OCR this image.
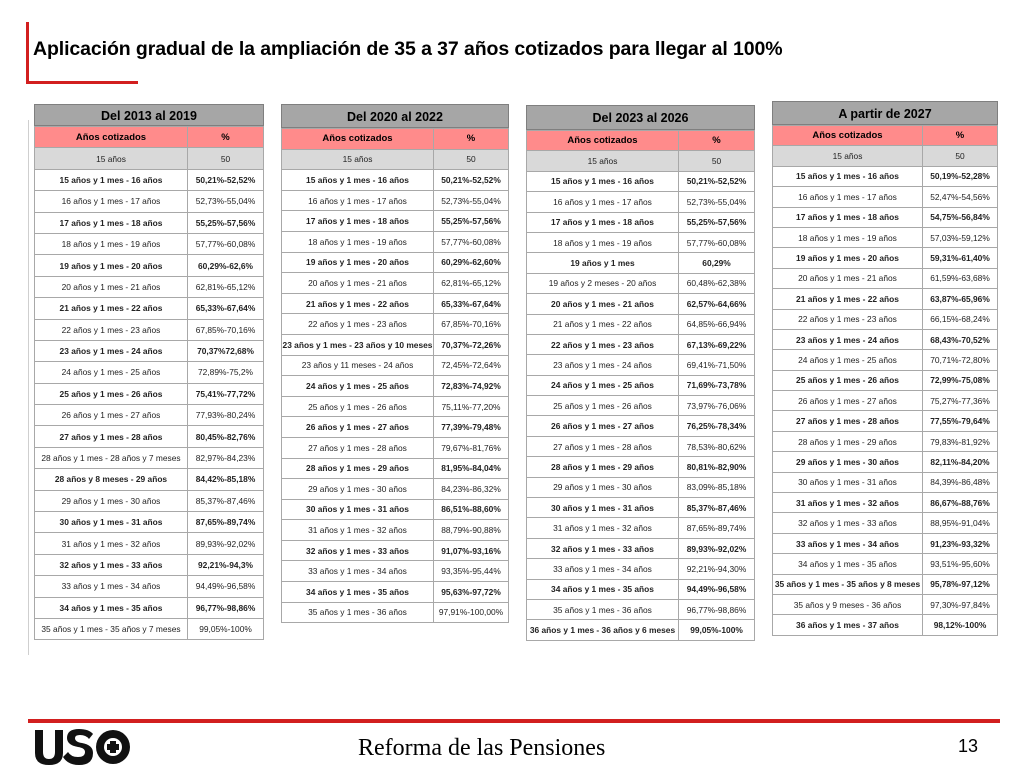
Aplicación gradual de la ampliación de 35 a 37 años cotizados para llegar al 100%
Del 2013 al 2019
Años cotizados	%
15 años	50
15 años y 1 mes - 16 años	50,21%-52,52%
16 años y 1 mes - 17 años	52,73%-55,04%
17 años y 1 mes - 18 años	55,25%-57,56%
18 años y 1 mes - 19 años	57,77%-60,08%
19 años y 1 mes - 20 años	60,29%-62,6%
20 años y 1 mes - 21 años	62,81%-65,12%
21 años y 1 mes - 22 años	65,33%-67,64%
22 años y 1 mes - 23 años	67,85%-70,16%
23 años y 1 mes - 24 años	70,37%72,68%
24 años y 1 mes - 25 años	72,89%-75,2%
25 años y 1 mes - 26 años	75,41%-77,72%
26 años y 1 mes - 27 años	77,93%-80,24%
27 años y 1 mes - 28 años	80,45%-82,76%
28 años y 1 mes - 28 años y 7 meses	82,97%-84,23%
28 años y 8 meses - 29 años	84,42%-85,18%
29 años y 1 mes - 30 años	85,37%-87,46%
30 años y 1 mes - 31 años	87,65%-89,74%
31 años y 1 mes - 32 años	89,93%-92,02%
32 años y 1 mes - 33 años	92,21%-94,3%
33 años y 1 mes - 34 años	94,49%-96,58%
34 años y 1 mes - 35 años	96,77%-98,86%
35 años y 1 mes - 35 años y 7 meses	99,05%-100%
Del 2020 al 2022
Años cotizados	%
15 años	50
15 años y 1 mes - 16 años	50,21%-52,52%
16 años y 1 mes - 17 años	52,73%-55,04%
17 años y 1 mes - 18 años	55,25%-57,56%
18 años y 1 mes - 19 años	57,77%-60,08%
19 años y 1 mes - 20 años	60,29%-62,60%
20 años y 1 mes - 21 años	62,81%-65,12%
21 años y 1 mes - 22 años	65,33%-67,64%
22 años y 1 mes - 23 años	67,85%-70,16%
23 años y 1 mes - 23 años y 10 meses	70,37%-72,26%
23 años y 11 meses - 24 años	72,45%-72,64%
24 años y 1 mes - 25 años	72,83%-74,92%
25 años y 1 mes - 26 años	75,11%-77,20%
26 años y 1 mes - 27 años	77,39%-79,48%
27 años y 1 mes - 28 años	79,67%-81,76%
28 años y 1 mes - 29 años	81,95%-84,04%
29 años y 1 mes - 30 años	84,23%-86,32%
30 años y 1 mes - 31 años	86,51%-88,60%
31 años y 1 mes - 32 años	88,79%-90,88%
32 años y 1 mes - 33 años	91,07%-93,16%
33 años y 1 mes - 34 años	93,35%-95,44%
34 años y 1 mes - 35 años	95,63%-97,72%
35 años y 1 mes - 36 años	97,91%-100,00%
Del 2023 al 2026
Años cotizados	%
15 años	50
15 años y 1 mes - 16 años	50,21%-52,52%
16 años y 1 mes - 17 años	52,73%-55,04%
17 años y 1 mes - 18 años	55,25%-57,56%
18 años y 1 mes - 19 años	57,77%-60,08%
19 años y 1 mes	60,29%
19 años y 2 meses - 20 años	60,48%-62,38%
20 años y 1 mes - 21 años	62,57%-64,66%
21 años y 1 mes - 22 años	64,85%-66,94%
22 años y 1 mes - 23 años	67,13%-69,22%
23 años y 1 mes - 24 años	69,41%-71,50%
24 años y 1 mes - 25 años	71,69%-73,78%
25 años y 1 mes - 26 años	73,97%-76,06%
26 años y 1 mes - 27 años	76,25%-78,34%
27 años y 1 mes - 28 años	78,53%-80,62%
28 años y 1 mes - 29 años	80,81%-82,90%
29 años y 1 mes - 30 años	83,09%-85,18%
30 años y 1 mes - 31 años	85,37%-87,46%
31 años y 1 mes - 32 años	87,65%-89,74%
32 años y 1 mes - 33 años	89,93%-92,02%
33 años y 1 mes - 34 años	92,21%-94,30%
34 años y 1 mes - 35 años	94,49%-96,58%
35 años y 1 mes - 36 años	96,77%-98,86%
36 años y 1 mes - 36 años y 6 meses	99,05%-100%
A partir de 2027
Años cotizados	%
15 años	50
15 años y 1 mes - 16 años	50,19%-52,28%
16 años y 1 mes - 17 años	52,47%-54,56%
17 años y 1 mes - 18 años	54,75%-56,84%
18 años y 1 mes - 19 años	57,03%-59,12%
19 años y 1 mes - 20 años	59,31%-61,40%
20 años y 1 mes - 21 años	61,59%-63,68%
21 años y 1 mes - 22 años	63,87%-65,96%
22 años y 1 mes - 23 años	66,15%-68,24%
23 años y 1 mes - 24 años	68,43%-70,52%
24 años y 1 mes - 25 años	70,71%-72,80%
25 años y 1 mes - 26 años	72,99%-75,08%
26 años y 1 mes - 27 años	75,27%-77,36%
27 años y 1 mes - 28 años	77,55%-79,64%
28 años y 1 mes - 29 años	79,83%-81,92%
29 años y 1 mes - 30 años	82,11%-84,20%
30 años y 1 mes - 31 años	84,39%-86,48%
31 años y 1 mes - 32 años	86,67%-88,76%
32 años y 1 mes - 33 años	88,95%-91,04%
33 años y 1 mes - 34 años	91,23%-93,32%
34 años y 1 mes - 35 años	93,51%-95,60%
35 años y 1 mes - 35 años y 8 meses	95,78%-97,12%
35 años y 9 meses - 36 años	97,30%-97,84%
36 años y 1 mes - 37 años	98,12%-100%
Reforma de las Pensiones	13
